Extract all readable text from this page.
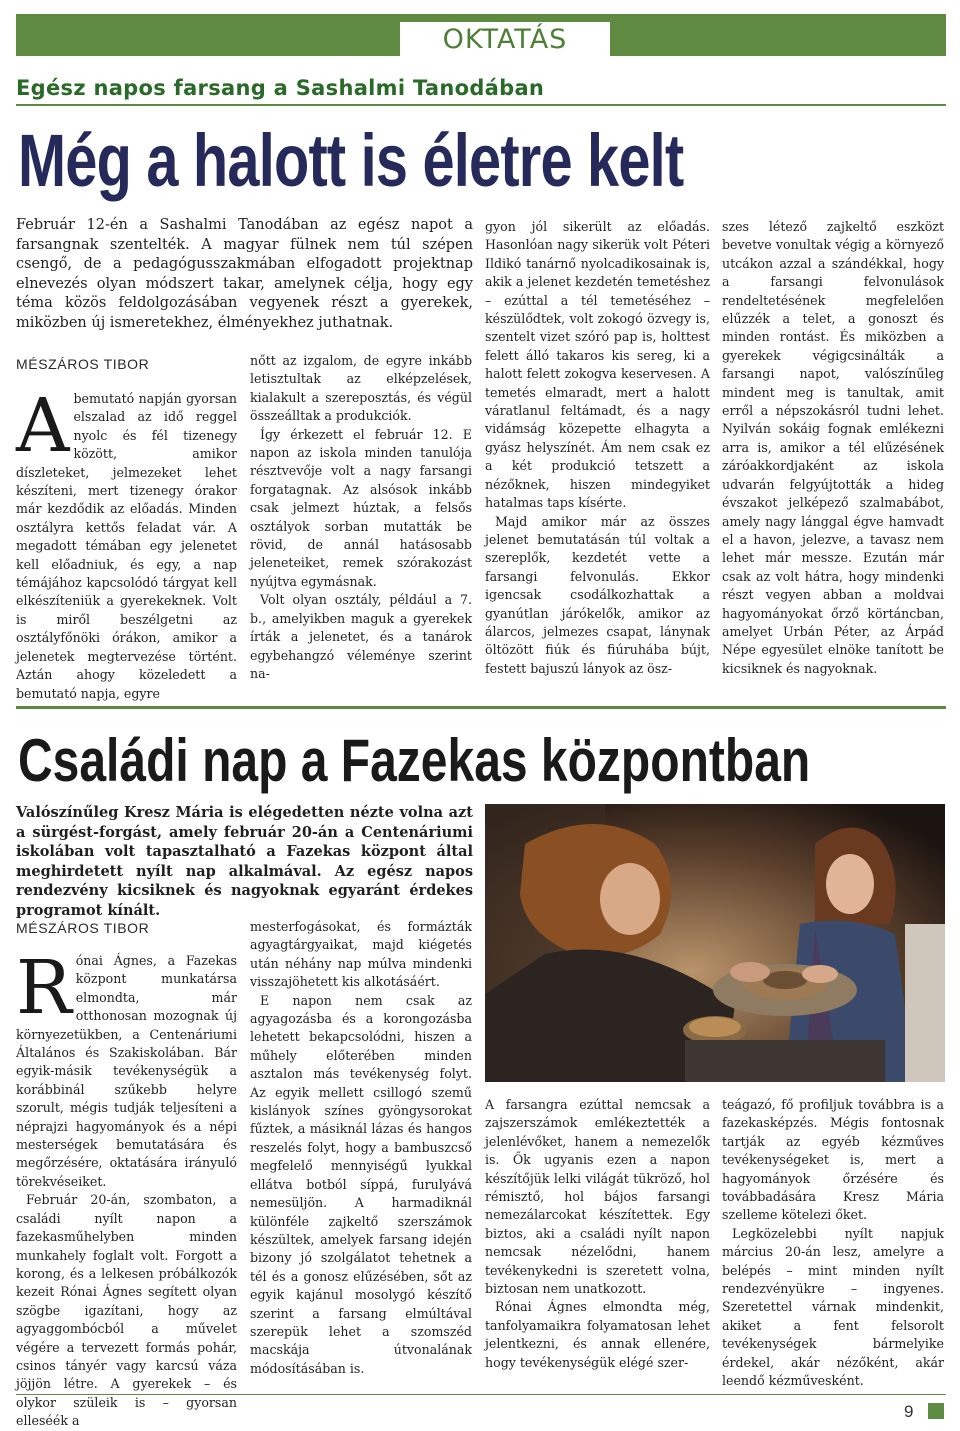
OKTATÁS
Egész napos farsang a Sashalmi Tanodában
Még a halott is életre kelt
Február 12-én a Sashalmi Tanodában az egész napot a farsangnak szentelték. A magyar fülnek nem túl szépen csengő, de a pedagógusszakmában elfogadott projektnap elnevezés olyan módszert takar, amelynek célja, hogy egy téma közös feldolgozásában vegyenek részt a gyerekek, miközben új ismeretekhez, élményekhez juthatnak.
MÉSZÁROS TIBOR
A bemutató napján gyorsan elszalad az idő reggel nyolc és fél tizenegy között, amikor díszleteket, jelmezeket lehet készíteni, mert tizenegy órakor már kezdődik az előadás. Minden osztályra kettős feladat vár. A megadott témában egy jelenetet kell előadniuk, és egy, a nap témájához kapcsolódó tárgyat kell elkészíteniük a gyerekeknek. Volt is miről beszélgetni az osztályfőnöki órákon, amikor a jelenetek megtervezése történt. Aztán ahogy közeledett a bemutató napja, egyre

nőtt az izgalom, de egyre inkább letisztultak az elképzelések, kialakult a szereposztás, és végül összeálltak a produkciók.

Így érkezett el február 12. E napon az iskola minden tanulója résztvevője volt a nagy farsangi forgatagnak. Az alsósok inkább csak jelmezt húztak, a felsős osztályok sorban mutatták be rövid, de annál hatásosabb jeleneteiket, remek szórakozást nyújtva egymásnak.

Volt olyan osztály, például a 7. b., amelyikben maguk a gyerekek írták a jelenetet, és a tanárok egybehangzó véleménye szerint na-

gyon jól sikerült az előadás. Hasonlóan nagy sikerük volt Péteri Ildikó tanárnő nyolcadikosainak is, akik a jelenet kezdetén temetéshez – ezúttal a tél temetéséhez – készülődtek, volt zokogó özvegy is, szentelt vizet szóró pap is, holttest felett álló takaros kis sereg, ki a halott felett zokogva keservesen. A temetés elmaradt, mert a halott váratlanul feltámadt, és a nagy vidámság közepette elhagyta a gyász helyszínét. Ám nem csak ez a két produkció tetszett a nézőknek, hiszen mindegyiket hatalmas taps kísérte.

Majd amikor már az összes jelenet bemutatásán túl voltak a szereplők, kezdetét vette a farsangi felvonulás. Ekkor igencsak csodálkozhattak a gyanútlan járókelők, amikor az álarcos, jelmezes csapat, lánynak öltözött fiúk és fiúruhába bújt, festett bajuszú lányok az ösz-

szes létező zajkeltő eszközt bevetve vonultak végig a környező utcákon azzal a szándékkal, hogy a farsangi felvonulások rendeltetésének megfelelően elűzzék a telet, a gonoszt és minden rontást. És miközben a gyerekek végigcsinálták a farsangi napot, valószínűleg mindent meg is tanultak, amit erről a népszokásról tudni lehet. Nyilván sokáig fognak emlékezni arra is, amikor a tél elűzésének záróakkordjaként az iskola udvarán felgyújtották a hideg évszakot jelképező szalmabábot, amely nagy lánggal égve hamvadt el a havon, jelezve, a tavasz nem lehet már messze. Ezután már csak az volt hátra, hogy mindenki részt vegyen abban a moldvai hagyományokat őrző körtáncban, amelyet Urbán Péter, az Árpád Népe egyesület elnöke tanított be kicsiknek és nagyoknak.

Családi nap a Fazekas központban
Valószínűleg Kresz Mária is elégedetten nézte volna azt a sürgést-forgást, amely február 20-án a Centenáriumi iskolában volt tapasztalható a Fazekas központ által meghirdetett nyílt nap alkalmával. Az egész napos rendezvény kicsiknek és nagyoknak egyaránt érdekes programot kínált.
MÉSZÁROS TIBOR
R ónai Ágnes, a Fazekas központ munkatársa elmondta, már otthonosan mozognak új környezetükben, a Centenáriumi Általános és Szakiskolában. Bár egyik-másik tevékenységük a korábbinál szűkebb helyre szorult, mégis tudják teljesíteni a néprajzi hagyományok és a népi mesterségek bemutatására és megőrzésére, oktatására irányuló törekvéseiket.

Február 20-án, szombaton, a családi nyílt napon a fazekasműhelyben minden munkahely foglalt volt. Forgott a korong, és a lelkesen próbálkozók kezeit Rónai Ágnes segített olyan szögbe igazítani, hogy az agyaggombócból a művelet végére a tervezett formás pohár, csinos tányér vagy karcsú váza jöjjön létre. A gyerekek – és olykor szüleik is – gyorsan elleséék a

mesterfogásokat, és formázták agyagtárgyaikat, majd kiégetés után néhány nap múlva mindenki visszajöhetett kis alkotásáért.

E napon nem csak az agyagozásba és a korongozásba lehetett bekapcsolódni, hiszen a műhely előterében minden asztalon más tevékenység folyt. Az egyik mellett csillogó szemű kislányok színes gyöngysorokat fűztek, a másiknál lázas és hangos reszelés folyt, hogy a bambuszcső megfelelő mennyiségű lyukkal ellátva botból síppá, furulyává nemesüljön. A harmadiknál különféle zajkeltő szerszámok készültek, amelyek farsang idején bizony jó szolgálatot tehetnek a tél és a gonosz elűzésében, sőt az egyik kajánul mosolygó készítő szerint a farsang elmúltával szerepük lehet a szomszéd macskája útvonalának módosításában is.

A farsangra ezúttal nemcsak a zajszerszámok emlékeztették a jelenlévőket, hanem a nemezelők is. Ők ugyanis ezen a napon készítőjük lelki világát tükröző, hol rémisztő, hol bájos farsangi nemezálarcokat készítettek. Egy biztos, aki a családi nyílt napon nemcsak nézelődni, hanem tevékenykedni is szeretett volna, biztosan nem unatkozott.

Rónai Ágnes elmondta még, tanfolyamaikra folyamatosan lehet jelentkezni, és annak ellenére, hogy tevékenységük elégé szer-

teágazó, fő profiljuk továbbra is a fazekasképzés. Mégis fontosnak tartják az egyéb kézműves tevékenységeket is, mert a hagyományok őrzésére és továbbadására Kresz Mária szelleme kötelezi őket.

Legközelebbi nyílt napjuk március 20-án lesz, amelyre a belépés – mint minden nyílt rendezvényükre – ingyenes. Szeretettel várnak mindenkit, akiket a fent felsorolt tevékenységek bármelyike érdekel, akár nézőként, akár leendő kézművesként.

9
